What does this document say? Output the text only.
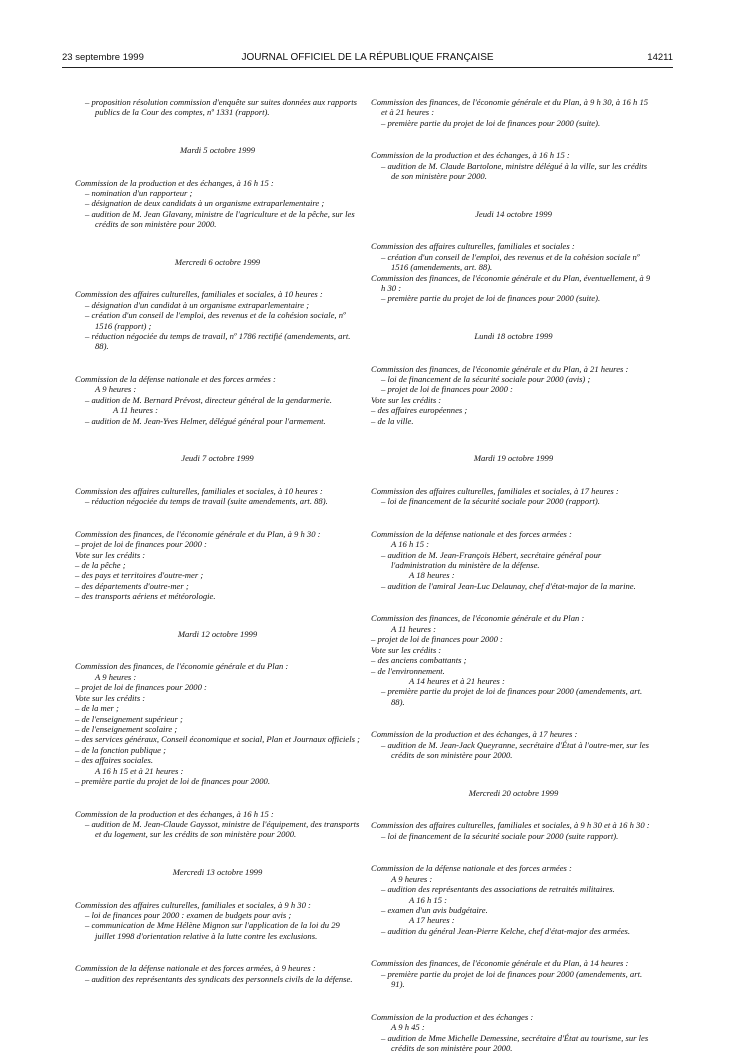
23 septembre 1999	JOURNAL OFFICIEL DE LA RÉPUBLIQUE FRANÇAISE	14211

– proposition résolution commission d'enquête sur suites données aux rapports publics de la Cour des comptes, nº 1331 (rapport).

Mardi 5 octobre 1999

Commission de la production et des échanges, à 16 h 15 :

– nomination d'un rapporteur ;

– désignation de deux candidats à un organisme extraparlementaire ;

– audition de M. Jean Glavany, ministre de l'agriculture et de la pêche, sur les crédits de son ministère pour 2000.

Mercredi 6 octobre 1999

Commission des affaires culturelles, familiales et sociales, à 10 heures :

– désignation d'un candidat à un organisme extraparlementaire ;

– création d'un conseil de l'emploi, des revenus et de la cohésion sociale, nº 1516 (rapport) ;

– réduction négociée du temps de travail, nº 1786 rectifié (amendements, art. 88).

Commission de la défense nationale et des forces armées :

A 9 heures :

– audition de M. Bernard Prévost, directeur général de la gendarmerie.

A 11 heures :

– audition de M. Jean-Yves Helmer, délégué général pour l'armement.

Jeudi 7 octobre 1999

Commission des affaires culturelles, familiales et sociales, à 10 heures :

– réduction négociée du temps de travail (suite amendements, art. 88).

Commission des finances, de l'économie générale et du Plan, à 9 h 30 :

– projet de loi de finances pour 2000 :

Vote sur les crédits :

– de la pêche ;

– des pays et territoires d'outre-mer ;

– des départements d'outre-mer ;

– des transports aériens et météorologie.

Mardi 12 octobre 1999

Commission des finances, de l'économie générale et du Plan :

A 9 heures :

– projet de loi de finances pour 2000 :

Vote sur les crédits :

– de la mer ;

– de l'enseignement supérieur ;

– de l'enseignement scolaire ;

– des services généraux, Conseil économique et social, Plan et Journaux officiels ;

– de la fonction publique ;

– des affaires sociales.

A 16 h 15 et à 21 heures :

– première partie du projet de loi de finances pour 2000.

Commission de la production et des échanges, à 16 h 15 :

– audition de M. Jean-Claude Gayssot, ministre de l'équipement, des transports et du logement, sur les crédits de son ministère pour 2000.

Mercredi 13 octobre 1999

Commission des affaires culturelles, familiales et sociales, à 9 h 30 :

– loi de finances pour 2000 : examen de budgets pour avis ;

– communication de Mme Hélène Mignon sur l'application de la loi du 29 juillet 1998 d'orientation relative à la lutte contre les exclusions.

Commission de la défense nationale et des forces armées, à 9 heures :

– audition des représentants des syndicats des personnels civils de la défense.

Commission des finances, de l'économie générale et du Plan, à 9 h 30, à 16 h 15 et à 21 heures :

– première partie du projet de loi de finances pour 2000 (suite).

Commission de la production et des échanges, à 16 h 15 :

– audition de M. Claude Bartolone, ministre délégué à la ville, sur les crédits de son ministère pour 2000.

Jeudi 14 octobre 1999

Commission des affaires culturelles, familiales et sociales :

– création d'un conseil de l'emploi, des revenus et de la cohésion sociale nº 1516 (amendements, art. 88).

Commission des finances, de l'économie générale et du Plan, éventuellement, à 9 h 30 :

– première partie du projet de loi de finances pour 2000 (suite).

Lundi 18 octobre 1999

Commission des finances, de l'économie générale et du Plan, à 21 heures :

– loi de financement de la sécurité sociale pour 2000 (avis) ;

– projet de loi de finances pour 2000 :

Vote sur les crédits :

– des affaires européennes ;

– de la ville.

Mardi 19 octobre 1999

Commission des affaires culturelles, familiales et sociales, à 17 heures :

– loi de financement de la sécurité sociale pour 2000 (rapport).

Commission de la défense nationale et des forces armées :

A 16 h 15 :

– audition de M. Jean-François Hébert, secrétaire général pour l'administration du ministère de la défense.

A 18 heures :

– audition de l'amiral Jean-Luc Delaunay, chef d'état-major de la marine.

Commission des finances, de l'économie générale et du Plan :

A 11 heures :

– projet de loi de finances pour 2000 :

Vote sur les crédits :

– des anciens combattants ;

– de l'environnement.

A 14 heures et à 21 heures :

– première partie du projet de loi de finances pour 2000 (amendements, art. 88).

Commission de la production et des échanges, à 17 heures :

– audition de M. Jean-Jack Queyranne, secrétaire d'État à l'outre-mer, sur les crédits de son ministère pour 2000.

Mercredi 20 octobre 1999

Commission des affaires culturelles, familiales et sociales, à 9 h 30 et à 16 h 30 :

– loi de financement de la sécurité sociale pour 2000 (suite rapport).

Commission de la défense nationale et des forces armées :

A 9 heures :

– audition des représentants des associations de retraités militaires.

A 16 h 15 :

– examen d'un avis budgétaire.

A 17 heures :

– audition du général Jean-Pierre Kelche, chef d'état-major des armées.

Commission des finances, de l'économie générale et du Plan, à 14 heures :

– première partie du projet de loi de finances pour 2000 (amendements, art. 91).

Commission de la production et des échanges :

A 9 h 45 :

– audition de Mme Michelle Demessine, secrétaire d'État au tourisme, sur les crédits de son ministère pour 2000.
